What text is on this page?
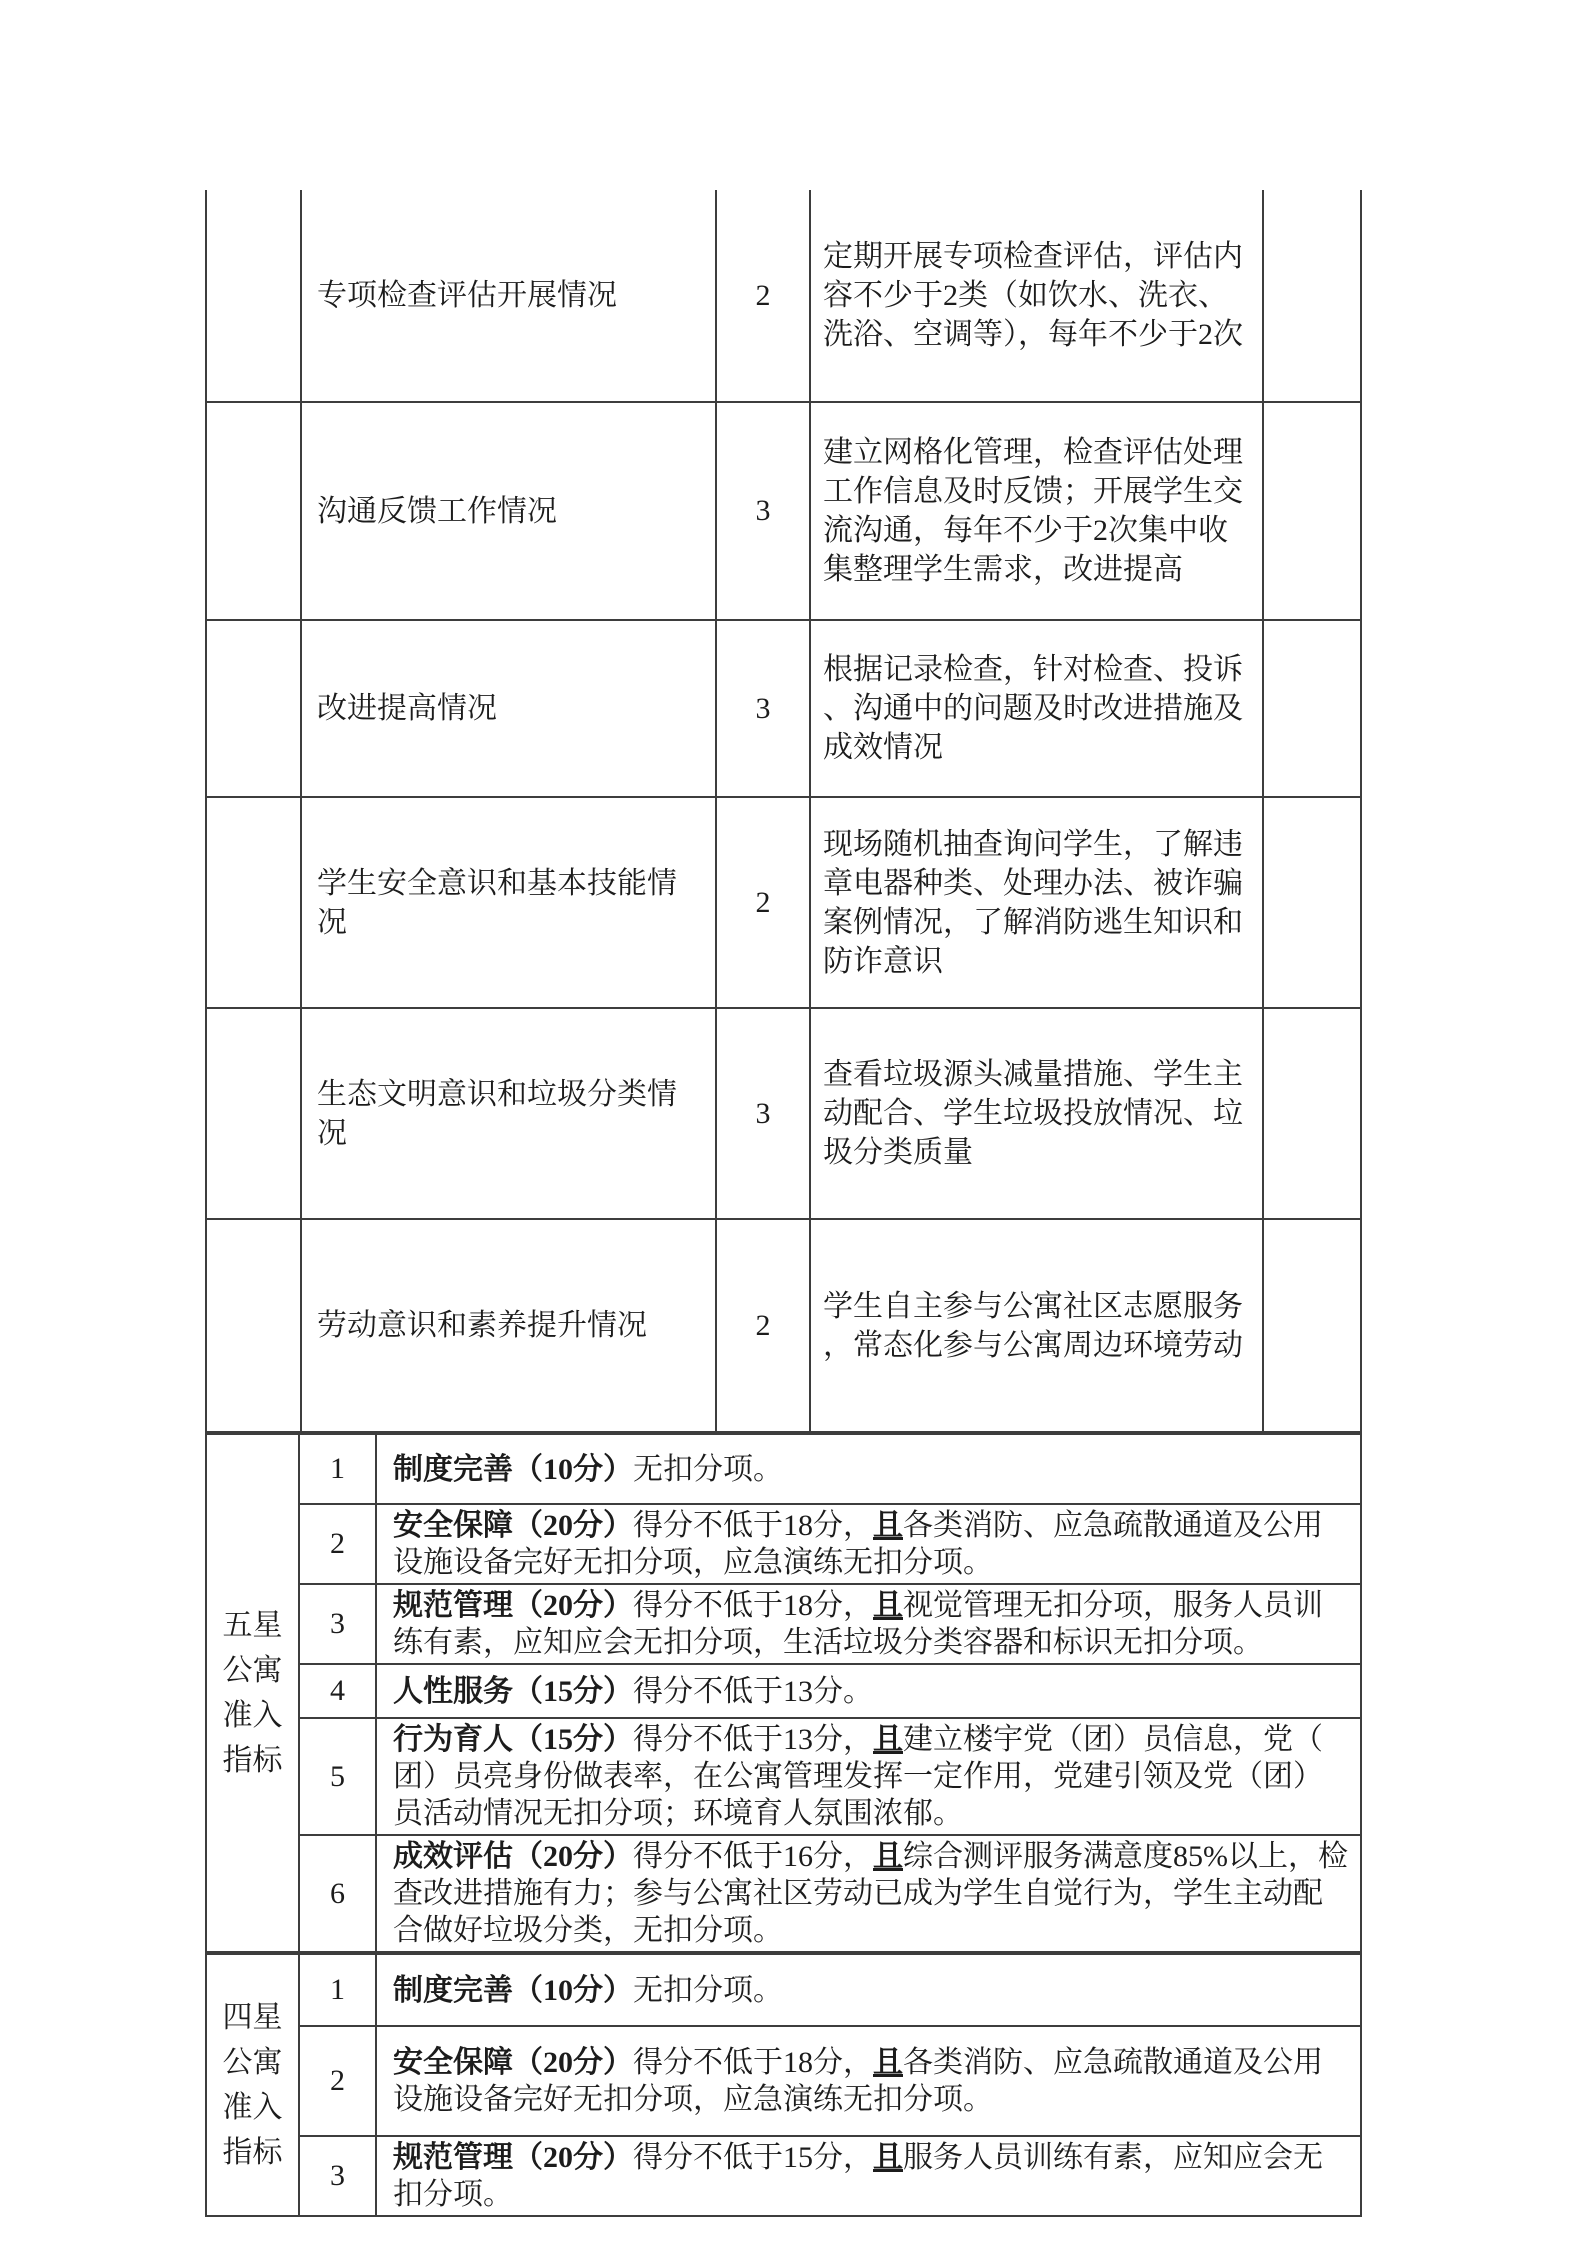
	专项检查评估开展情况	2	定期开展专项检查评估，评估内容不少于2类（如饮水、洗衣、洗浴、空调等），每年不少于2次	
	沟通反馈工作情况	3	建立网格化管理，检查评估处理工作信息及时反馈；开展学生交流沟通，每年不少于2次集中收集整理学生需求，改进提高	
	改进提高情况	3	根据记录检查，针对检查、投诉、沟通中的问题及时改进措施及成效情况	
	学生安全意识和基本技能情况	2	现场随机抽查询问学生，了解违章电器种类、处理办法、被诈骗案例情况，了解消防逃生知识和防诈意识	
	生态文明意识和垃圾分类情况	3	查看垃圾源头减量措施、学生主动配合、学生垃圾投放情况、垃圾分类质量	
	劳动意识和素养提升情况	2	学生自主参与公寓社区志愿服务，常态化参与公寓周边环境劳动	
五星公寓准入指标	1	制度完善（10分）无扣分项。
	2	安全保障（20分）得分不低于18分，且各类消防、应急疏散通道及公用设施设备完好无扣分项，应急演练无扣分项。
	3	规范管理（20分）得分不低于18分，且视觉管理无扣分项，服务人员训练有素，应知应会无扣分项，生活垃圾分类容器和标识无扣分项。
	4	人性服务（15分）得分不低于13分。
	5	行为育人（15分）得分不低于13分，且建立楼宇党（团）员信息，党（团）员亮身份做表率，在公寓管理发挥一定作用，党建引领及党（团）员活动情况无扣分项；环境育人氛围浓郁。
	6	成效评估（20分）得分不低于16分，且综合测评服务满意度85%以上，检查改进措施有力；参与公寓社区劳动已成为学生自觉行为，学生主动配合做好垃圾分类，无扣分项。
四星公寓准入指标	1	制度完善（10分）无扣分项。
	2	安全保障（20分）得分不低于18分，且各类消防、应急疏散通道及公用设施设备完好无扣分项，应急演练无扣分项。
	3	规范管理（20分）得分不低于15分，且服务人员训练有素，应知应会无扣分项。
